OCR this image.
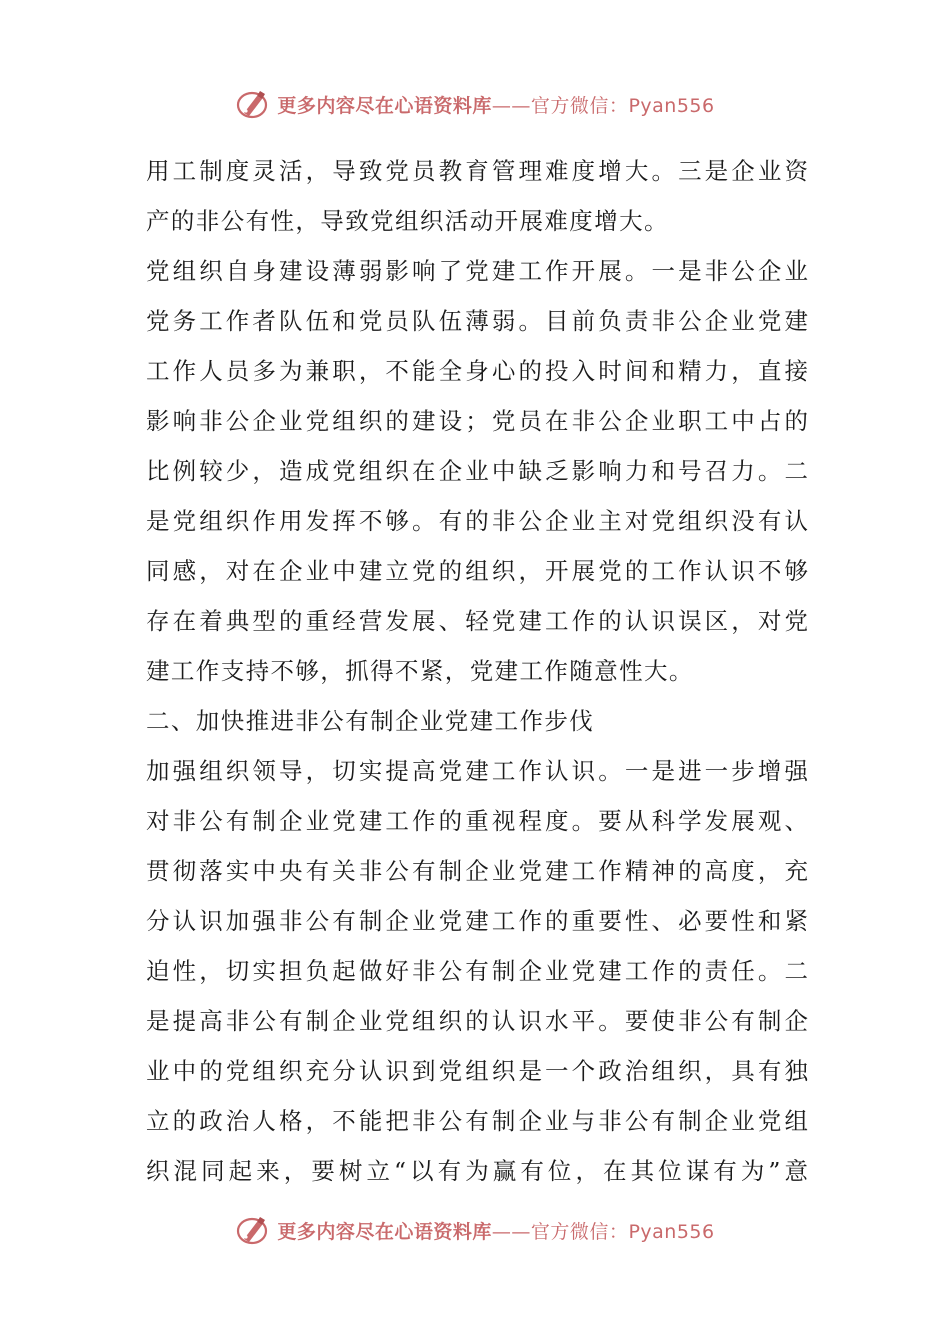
更多内容尽在心语资料库——官方微信：Pyan556
用工制度灵活，导致党员教育管理难度增大。三是企业资
产的非公有性，导致党组织活动开展难度增大。
党组织自身建设薄弱影响了党建工作开展。一是非公企业
党务工作者队伍和党员队伍薄弱。目前负责非公企业党建
工作人员多为兼职，不能全身心的投入时间和精力，直接
影响非公企业党组织的建设；党员在非公企业职工中占的
比例较少，造成党组织在企业中缺乏影响力和号召力。二
是党组织作用发挥不够。有的非公企业主对党组织没有认
同感，对在企业中建立党的组织，开展党的工作认识不够
存在着典型的重经营发展、轻党建工作的认识误区，对党
建工作支持不够，抓得不紧，党建工作随意性大。
二、加快推进非公有制企业党建工作步伐
加强组织领导，切实提高党建工作认识。一是进一步增强
对非公有制企业党建工作的重视程度。要从科学发展观、
贯彻落实中央有关非公有制企业党建工作精神的高度，充
分认识加强非公有制企业党建工作的重要性、必要性和紧
迫性，切实担负起做好非公有制企业党建工作的责任。二
是提高非公有制企业党组织的认识水平。要使非公有制企
业中的党组织充分认识到党组织是一个政治组织，具有独
立的政治人格，不能把非公有制企业与非公有制企业党组
织混同起来，要树立“以有为赢有位，在其位谋有为”意
更多内容尽在心语资料库——官方微信：Pyan556
